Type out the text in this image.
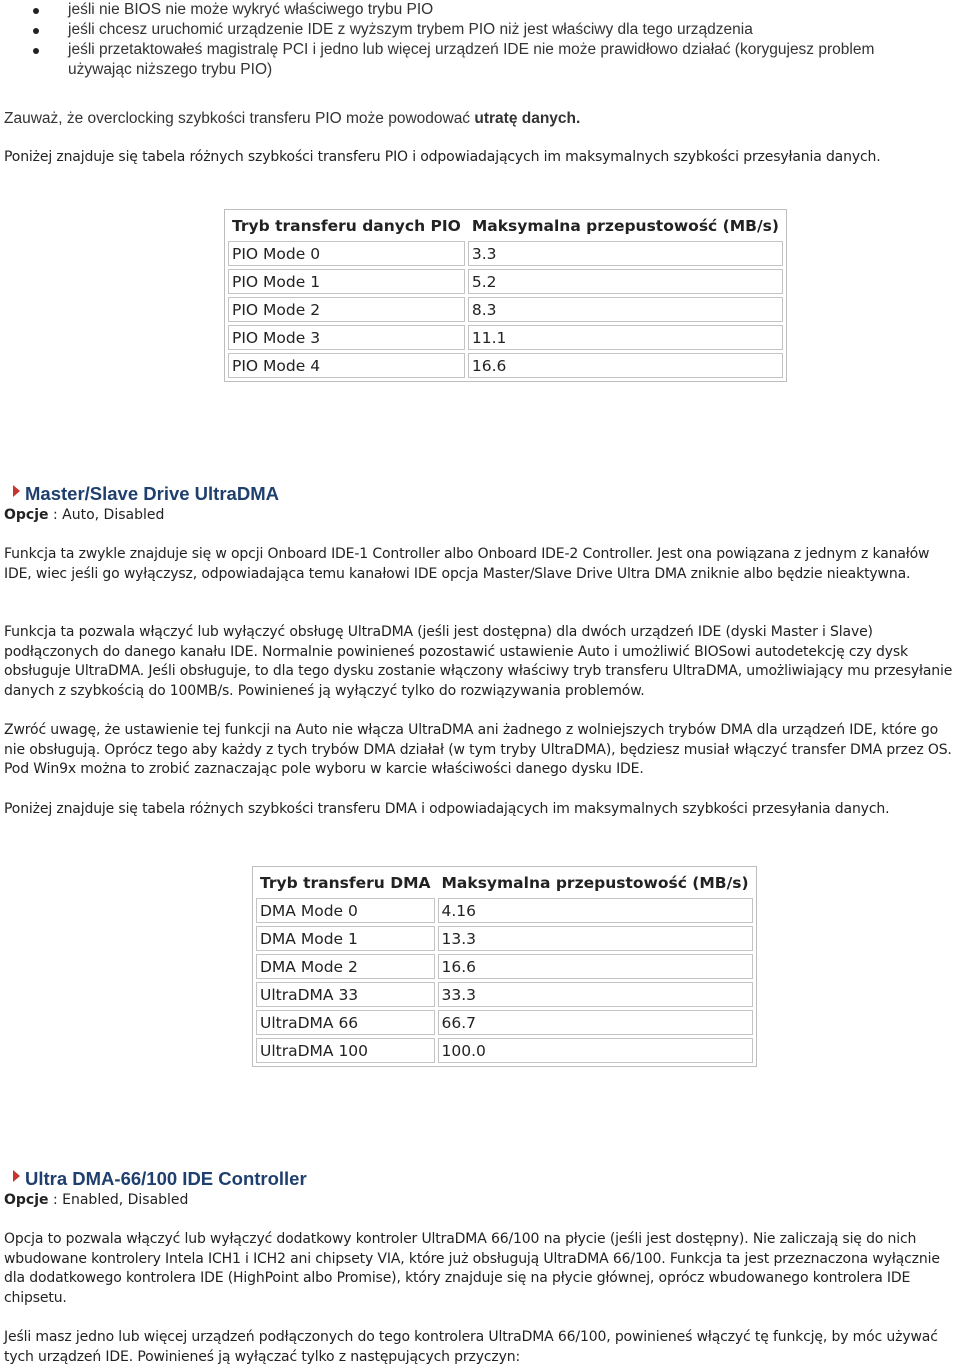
jeśli nie BIOS nie może wykryć właściwego trybu PIO
jeśli chcesz uruchomić urządzenie IDE z wyższym trybem PIO niż jest właściwy dla tego urządzenia
jeśli przetaktowałeś magistralę PCI i jedno lub więcej urządzeń IDE nie może prawidłowo działać (korygujesz problem używając niższego trybu PIO)
Zauważ, że overclocking szybkości transferu PIO może powodować utratę danych.
Poniżej znajduje się tabela różnych szybkości transferu PIO i odpowiadających im maksymalnych szybkości przesyłania danych.
Tryb transferu danych PIO	Maksymalna przepustowość (MB/s)
PIO Mode 0	3.3
PIO Mode 1	5.2
PIO Mode 2	8.3
PIO Mode 3	11.1
PIO Mode 4	16.6
Master/Slave Drive UltraDMA
Opcje : Auto, Disabled
Funkcja ta zwykle znajduje się w opcji Onboard IDE-1 Controller albo Onboard IDE-2 Controller. Jest ona powiązana z jednym z kanałów IDE, wiec jeśli go wyłączysz, odpowiadająca temu kanałowi IDE opcja Master/Slave Drive Ultra DMA zniknie albo będzie nieaktywna.
Funkcja ta pozwala włączyć lub wyłączyć obsługę UltraDMA (jeśli jest dostępna) dla dwóch urządzeń IDE (dyski Master i Slave) podłączonych do danego kanału IDE. Normalnie powinieneś pozostawić ustawienie Auto i umożliwić BIOSowi autodetekcję czy dysk obsługuje UltraDMA. Jeśli obsługuje, to dla tego dysku zostanie włączony właściwy tryb transferu UltraDMA, umożliwiający mu przesyłanie danych z szybkością do 100MB/s. Powinieneś ją wyłączyć tylko do rozwiązywania problemów.
Zwróć uwagę, że ustawienie tej funkcji na Auto nie włącza UltraDMA ani żadnego z wolniejszych trybów DMA dla urządzeń IDE, które go nie obsługują. Oprócz tego aby każdy z tych trybów DMA działał (w tym tryby UltraDMA), będziesz musiał włączyć transfer DMA przez OS. Pod Win9x można to zrobić zaznaczając pole wyboru w karcie właściwości danego dysku IDE.
Poniżej znajduje się tabela różnych szybkości transferu DMA i odpowiadających im maksymalnych szybkości przesyłania danych.
Tryb transferu DMA	Maksymalna przepustowość (MB/s)
DMA Mode 0	4.16
DMA Mode 1	13.3
DMA Mode 2	16.6
UltraDMA 33	33.3
UltraDMA 66	66.7
UltraDMA 100	100.0
Ultra DMA-66/100 IDE Controller
Opcje : Enabled, Disabled
Opcja to pozwala włączyć lub wyłączyć dodatkowy kontroler UltraDMA 66/100 na płycie (jeśli jest dostępny). Nie zaliczają się do nich wbudowane kontrolery Intela ICH1 i ICH2 ani chipsety VIA, które już obsługują UltraDMA 66/100. Funkcja ta jest przeznaczona wyłącznie dla dodatkowego kontrolera IDE (HighPoint albo Promise), który znajduje się na płycie głównej, oprócz wbudowanego kontrolera IDE chipsetu.
Jeśli masz jedno lub więcej urządzeń podłączonych do tego kontrolera UltraDMA 66/100, powinieneś włączyć tę funkcję, by móc używać tych urządzeń IDE. Powinieneś ją wyłączać tylko z następujących przyczyn:
